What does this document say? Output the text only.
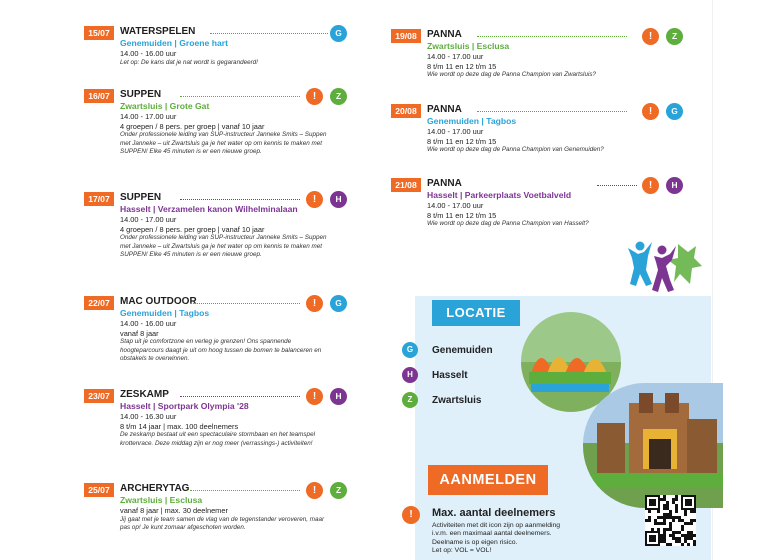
15/07	WATERSPELEN
Genemuiden | Groene hart
14.00 - 16.00 uur
Let op: De kans dat je nat wordt is gegarandeerd!
G
16/07	SUPPEN
Zwartsluis | Grote Gat
14.00 - 17.00 uur
4 groepen / 8 pers. per groep | vanaf 10 jaar
Onder professionele leiding van SUP-instructeur Janneke Smits – Suppen met Janneke – uit Zwartsluis ga je het water op om kennis te maken met SUPPEN! Elke 45 minuten is er een nieuwe groep.
!	Z
17/07	SUPPEN
Hasselt | Verzamelen kanon Wilhelminalaan
14.00 - 17.00 uur
4 groepen / 8 pers. per groep | vanaf 10 jaar
Onder professionele leiding van SUP-instructeur Janneke Smits – Suppen met Janneke – uit Zwartsluis ga je het water op om kennis te maken met SUPPEN! Elke 45 minuten is er een nieuwe groep.
!	H
22/07	MAC OUTDOOR
Genemuiden | Tagbos
14.00 - 16.00 uur
vanaf 8 jaar
Stap uit je comfortzone en verleg je grenzen! Ons spannende hoogteparcours daagt je uit om hoog tussen de bomen te balanceren en obstakels te overwinnen.
!	G
23/07	ZESKAMP
Hasselt | Sportpark Olympia '28
14.00 - 16.30 uur
8 t/m 14 jaar | max. 100 deelnemers
De zeskamp bestaat uit een spectaculaire stormbaan en het teamspel krottenrace. Deze middag zijn er nog meer (verrassings-) activiteiten!
!	H
25/07	ARCHERYTAG
Zwartsluis | Esclusa
vanaf 8 jaar | max. 30 deelnemer
Jij gaat met je team samen de vlag van de tegenstander veroveren, maar pas op! Je kunt zomaar afgeschoten worden.
!	Z
19/08	PANNA
Zwartsluis | Esclusa
14.00 - 17.00 uur
8 t/m 11 en 12 t/m 15
Wie wordt op deze dag de Panna Champion van Zwartsluis?
!	Z
20/08	PANNA
Genemuiden | Tagbos
14.00 - 17.00 uur
8 t/m 11 en 12 t/m 15
Wie wordt op deze dag de Panna Champion van Genemuiden?
!	G
21/08	PANNA
Hasselt | Parkeerplaats Voetbalveld
14.00 - 17.00 uur
8 t/m 11 en 12 t/m 15
Wie wordt op deze dag de Panna Champion van Hasselt?
!	H
LOCATIE
G	Genemuiden
H	Hasselt
Z	Zwartsluis
AANMELDEN
!	Max. aantal deelnemers
Activiteiten met dit icon zijn op aanmelding
i.v.m. een maximaal aantal deelnemers.
Deelname is op eigen risico.
Let op: VOL = VOL!
